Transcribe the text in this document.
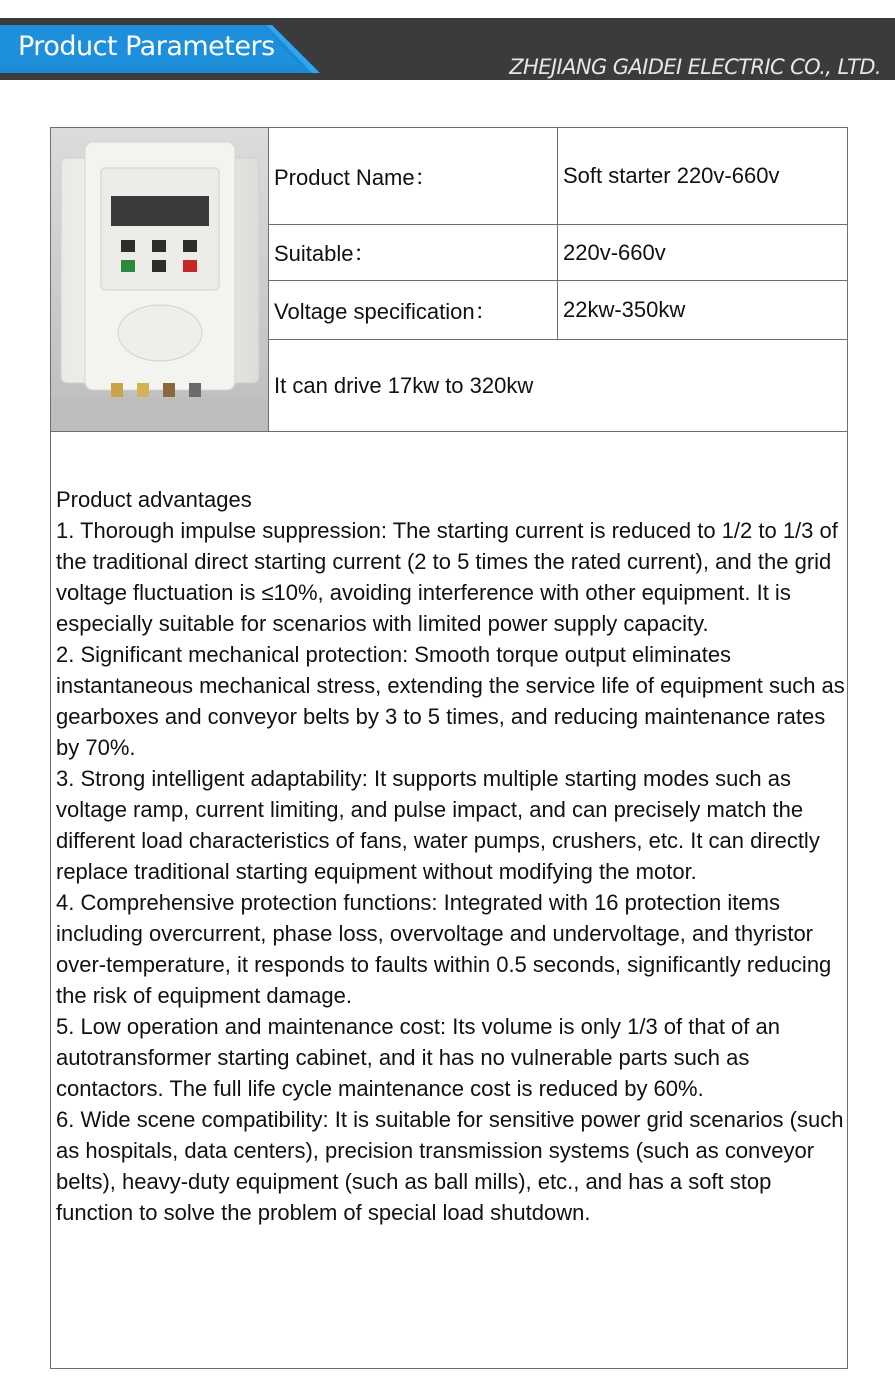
ZHEJIANG GAIDEI ELECTRIC CO., LTD.
Product Parameters
Product Name：	Soft starter 220v-660v
Suitable：	220v-660v
Voltage specification：	22kw-350kw
It can drive 17kw to 320kw
Product advantages
1. Thorough impulse suppression: The starting current is reduced to 1/2 to 1/3 of the traditional direct starting current (2 to 5 times the rated current), and the grid voltage fluctuation is ≤10%, avoiding interference with other equipment. It is especially suitable for scenarios with limited power supply capacity.
2. Significant mechanical protection: Smooth torque output eliminates instantaneous mechanical stress, extending the service life of equipment such as gearboxes and conveyor belts by 3 to 5 times, and reducing maintenance rates by 70%.
3. Strong intelligent adaptability: It supports multiple starting modes such as voltage ramp, current limiting, and pulse impact, and can precisely match the different load characteristics of fans, water pumps, crushers, etc. It can directly replace traditional starting equipment without modifying the motor.
4. Comprehensive protection functions: Integrated with 16 protection items including overcurrent, phase loss, overvoltage and undervoltage, and thyristor over-temperature, it responds to faults within 0.5 seconds, significantly reducing the risk of equipment damage.
5. Low operation and maintenance cost: Its volume is only 1/3 of that of an autotransformer starting cabinet, and it has no vulnerable parts such as contactors. The full life cycle maintenance cost is reduced by 60%.
6. Wide scene compatibility: It is suitable for sensitive power grid scenarios (such as hospitals, data centers), precision transmission systems (such as conveyor belts), heavy-duty equipment (such as ball mills), etc., and has a soft stop function to solve the problem of special load shutdown.
